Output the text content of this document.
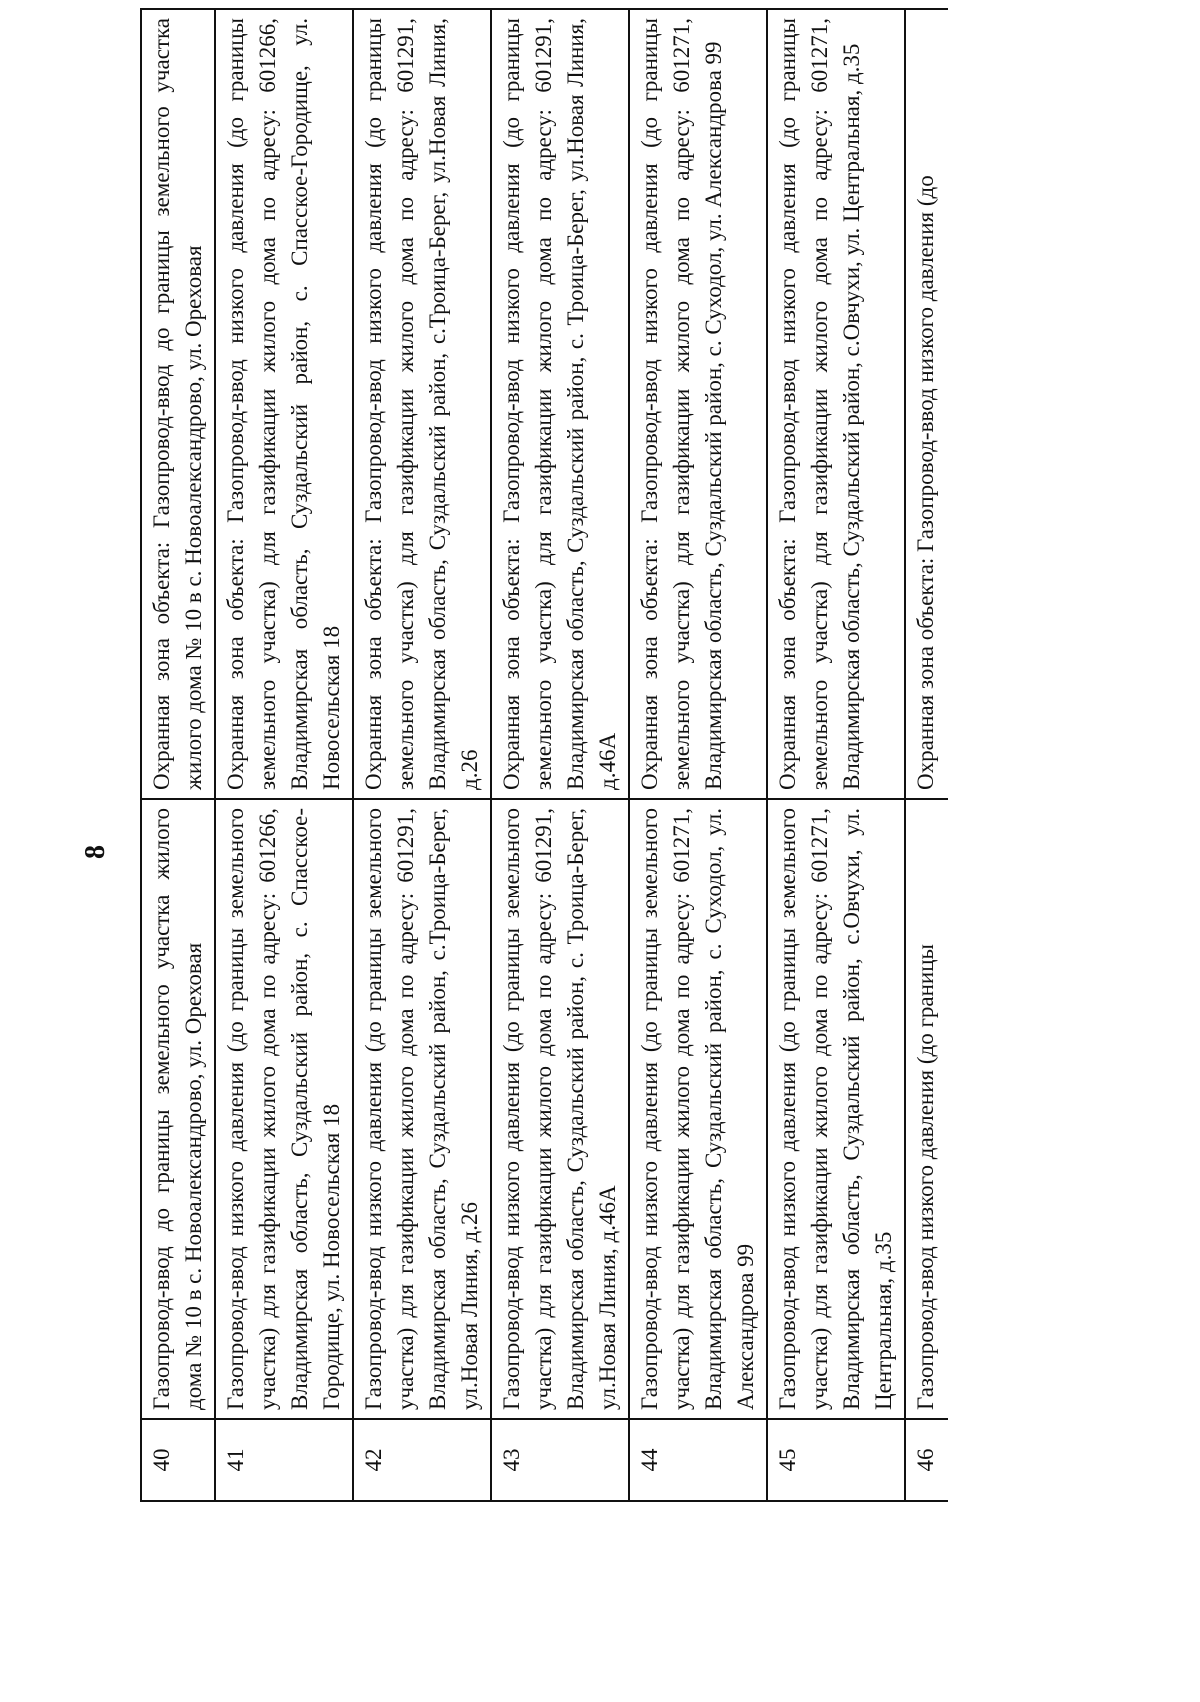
8
40	Газопровод-ввод до границы земельного участка жилого дома № 10 в с. Новоалександрово, ул. Ореховая	Охранная зона объекта: Газопровод-ввод до границы земельного участка жилого дома № 10 в с. Новоалександрово, ул. Ореховая
41	Газопровод-ввод низкого давления (до границы земельного участка) для газификации жилого дома по адресу: 601266, Владимирская область, Суздальский район, с. Спасское-Городище, ул. Новосельская 18	Охранная зона объекта: Газопровод-ввод низкого давления (до границы земельного участка) для газификации жилого дома по адресу: 601266, Владимирская область, Суздальский район, с. Спасское-Городище, ул. Новосельская 18
42	Газопровод-ввод низкого давления (до границы земельного участка) для газификации жилого дома по адресу: 601291, Владимирская область, Суздальский район, с.Троица-Берег, ул.Новая Линия, д.26	Охранная зона объекта: Газопровод-ввод низкого давления (до границы земельного участка) для газификации жилого дома по адресу: 601291, Владимирская область, Суздальский район, с.Троица-Берег, ул.Новая Линия, д.26
43	Газопровод-ввод низкого давления (до границы земельного участка) для газификации жилого дома по адресу: 601291, Владимирская область, Суздальский район, с. Троица-Берег, ул.Новая Линия, д.46А	Охранная зона объекта: Газопровод-ввод низкого давления (до границы земельного участка) для газификации жилого дома по адресу: 601291, Владимирская область, Суздальский район, с. Троица-Берег, ул.Новая Линия, д.46А
44	Газопровод-ввод низкого давления (до границы земельного участка) для газификации жилого дома по адресу: 601271, Владимирская область, Суздальский район, с. Суходол, ул. Александрова 99	Охранная зона объекта: Газопровод-ввод низкого давления (до границы земельного участка) для газификации жилого дома по адресу: 601271, Владимирская область, Суздальский район, с. Суходол, ул. Александрова 99
45	Газопровод-ввод низкого давления (до границы земельного участка) для газификации жилого дома по адресу: 601271, Владимирская область, Суздальский район, с.Овчухи, ул. Центральная, д.35	Охранная зона объекта: Газопровод-ввод низкого давления (до границы земельного участка) для газификации жилого дома по адресу: 601271, Владимирская область, Суздальский район, с.Овчухи, ул. Центральная, д.35
46	Газопровод-ввод низкого давления (до границы	Охранная зона объекта: Газопровод-ввод низкого давления (до
